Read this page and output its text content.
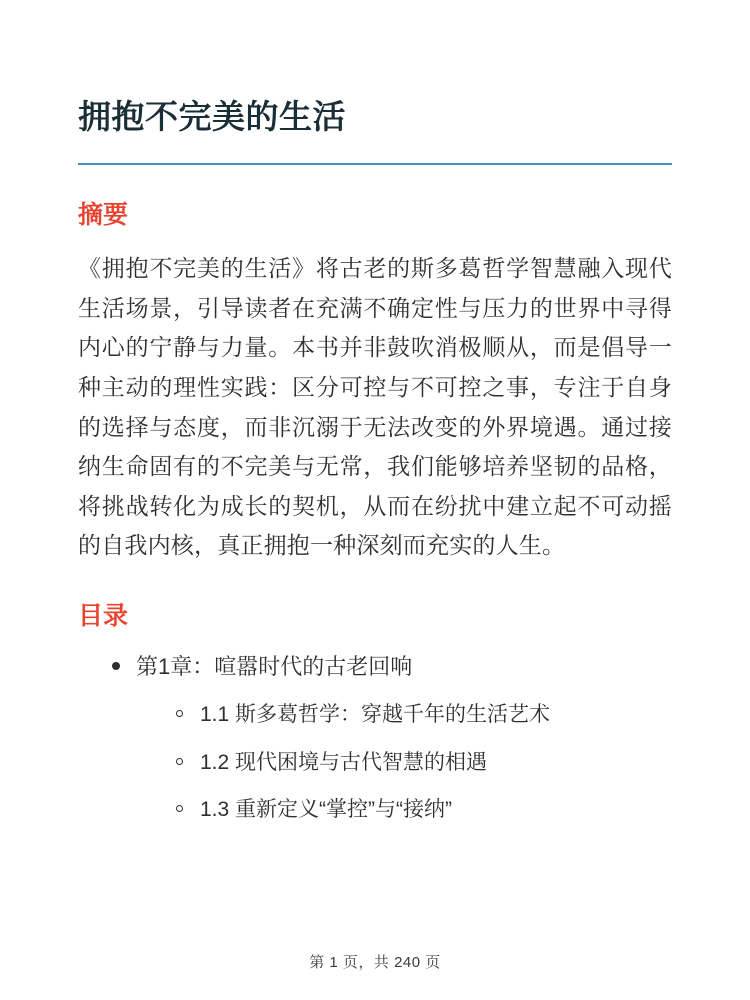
拥抱不完美的生活
摘要

《拥抱不完美的生活》将古老的斯多葛哲学智慧融入现代生活场景，引导读者在充满不确定性与压力的世界中寻得内心的宁静与力量。本书并非鼓吹消极顺从，而是倡导一种主动的理性实践：区分可控与不可控之事，专注于自身的选择与态度，而非沉溺于无法改变的外界境遇。通过接纳生命固有的不完美与无常，我们能够培养坚韧的品格，将挑战转化为成长的契机，从而在纷扰中建立起不可动摇的自我内核，真正拥抱一种深刻而充实的人生。

目录
第1章：喧嚣时代的古老回响
1.1 斯多葛哲学：穿越千年的生活艺术
1.2 现代困境与古代智慧的相遇
1.3 重新定义“掌控”与“接纳”
第 1 页，共 240 页
